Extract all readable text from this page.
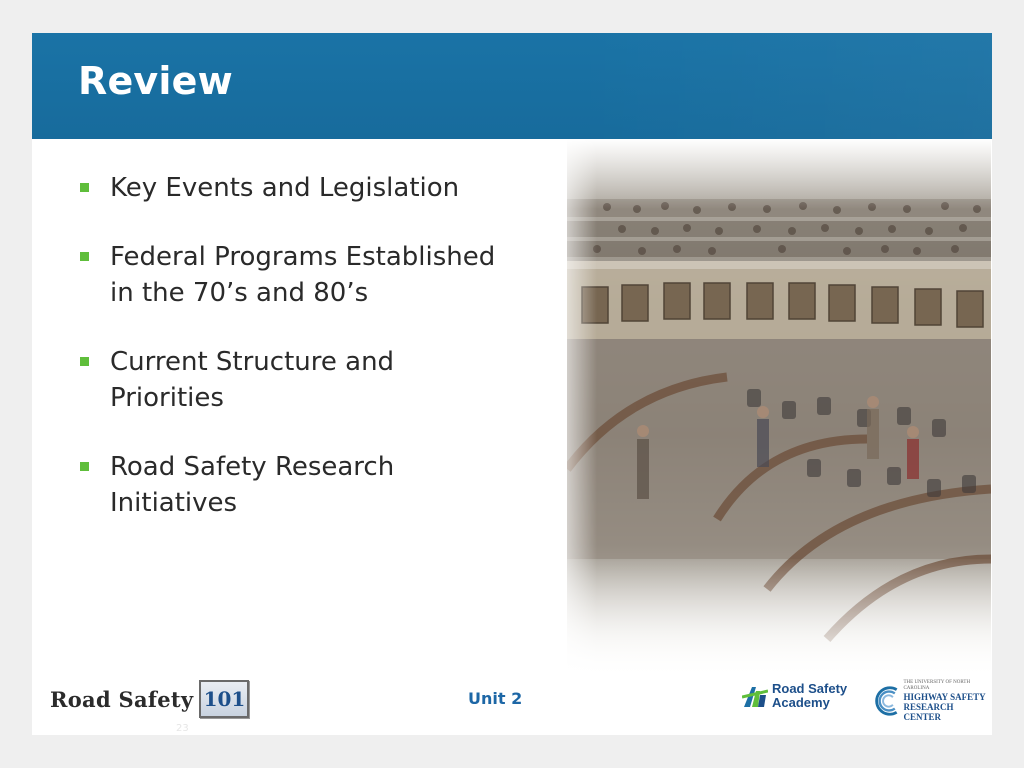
Review
Key Events and Legislation
Federal Programs Established
in the 70’s and 80’s
Current Structure and
Priorities
Road Safety Research
Initiatives
Road Safety 101	Unit 2
23
Road Safety
Academy
THE UNIVERSITY OF NORTH CAROLINA
HIGHWAY SAFETY
RESEARCH CENTER
